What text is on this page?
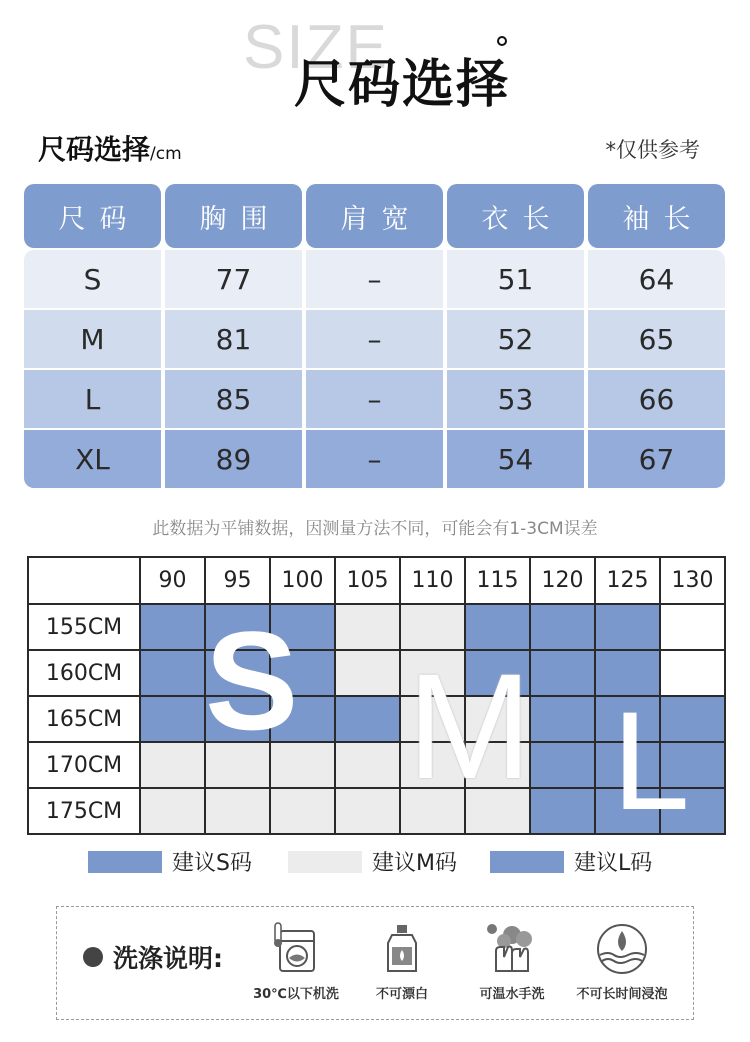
SIZE
尺码选择
尺码选择/cm	*仅供参考
尺码	胸围	肩宽	衣长	袖长
S	77	–	51	64
M	81	–	52	65
L	85	–	53	66
XL	89	–	54	67
此数据为平铺数据，因测量方法不同，可能会有1-3CM误差
	90	95	100	105	110	115	120	125	130
155CM									
160CM									
165CM									
170CM									
175CM									
S M L
建议S码	建议M码	建议L码
洗涤说明:
30℃以下机洗	不可漂白	可温水手洗	不可长时间浸泡
